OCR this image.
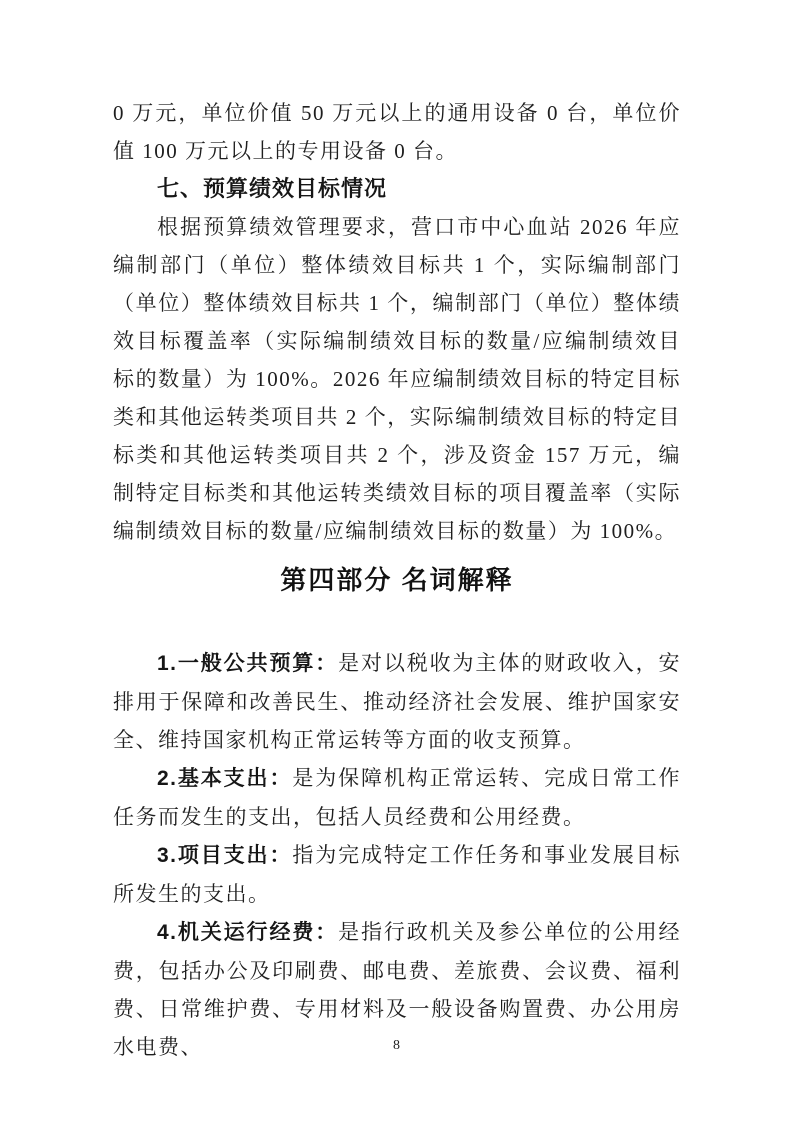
0 万元，单位价值 50 万元以上的通用设备 0 台，单位价值 100 万元以上的专用设备 0 台。

七、预算绩效目标情况

根据预算绩效管理要求，营口市中心血站 2026 年应编制部门（单位）整体绩效目标共 1 个，实际编制部门（单位）整体绩效目标共 1 个，编制部门（单位）整体绩效目标覆盖率（实际编制绩效目标的数量/应编制绩效目标的数量）为 100%。2026 年应编制绩效目标的特定目标类和其他运转类项目共 2 个，实际编制绩效目标的特定目标类和其他运转类项目共 2 个，涉及资金 157 万元，编制特定目标类和其他运转类绩效目标的项目覆盖率（实际编制绩效目标的数量/应编制绩效目标的数量）为 100%。

第四部分 名词解释

1.一般公共预算：是对以税收为主体的财政收入，安排用于保障和改善民生、推动经济社会发展、维护国家安全、维持国家机构正常运转等方面的收支预算。

2.基本支出：是为保障机构正常运转、完成日常工作任务而发生的支出，包括人员经费和公用经费。

3.项目支出：指为完成特定工作任务和事业发展目标所发生的支出。

4.机关运行经费：是指行政机关及参公单位的公用经费，包括办公及印刷费、邮电费、差旅费、会议费、福利费、日常维护费、专用材料及一般设备购置费、办公用房水电费、	8
